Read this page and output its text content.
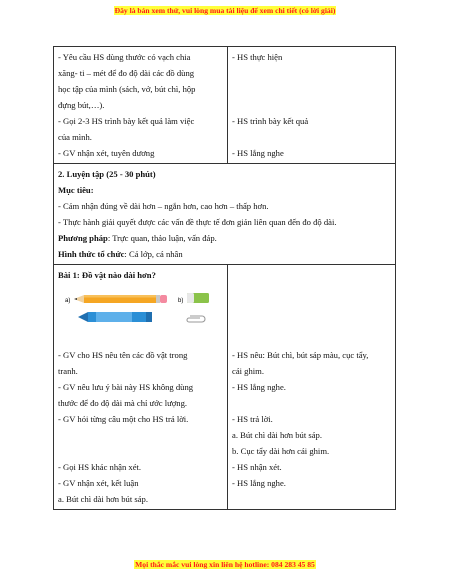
Đây là bản xem thử, vui lòng mua tài liệu để xem chi tiết (có lời giải)

- Yêu cầu HS dùng thước có vạch chia

xăng- ti – mét để đo độ dài các đồ dùng

học tập của mình (sách, vở, bút chì, hộp

đựng bút,…).

- Gọi 2-3 HS trình bày kết quả làm việc

của mình.

- GV nhận xét, tuyên dương

- HS thực hiện

- HS trình bày kết quả

- HS lắng nghe

2. Luyện tập (25 - 30 phút)

Mục tiêu:

- Cảm nhận đúng về dài hơn – ngắn hơn, cao hơn – thấp hơn.

- Thực hành giải quyết được các vấn đề thực tế đơn giản liên quan đến đo độ dài.

Phương pháp: Trực quan, thảo luận, vấn đáp.

Hình thức tổ chức: Cả lớp, cá nhân

Bài 1: Đồ vật nào dài hơn?

a)	b)

- GV cho HS nêu tên các đồ vật trong

tranh.

- GV nêu lưu ý bài này HS không dùng

thước để đo độ dài mà chỉ ước lượng.

- GV hỏi từng câu một cho HS trả lời.

- Gọi HS khác nhận xét.

- GV nhận xét, kết luận

a. Bút chì dài hơn bút sáp.

- HS nêu: Bút chì, bút sáp màu, cục tẩy,

cái ghim.

- HS lắng nghe.

- HS trả lời.

a. Bút chì dài hơn bút sáp.

b. Cục tẩy dài hơn cái ghim.

- HS nhận xét.

- HS lắng nghe.

Mọi thắc mắc vui lòng xin liên hệ hotline: 084 283 45 85
